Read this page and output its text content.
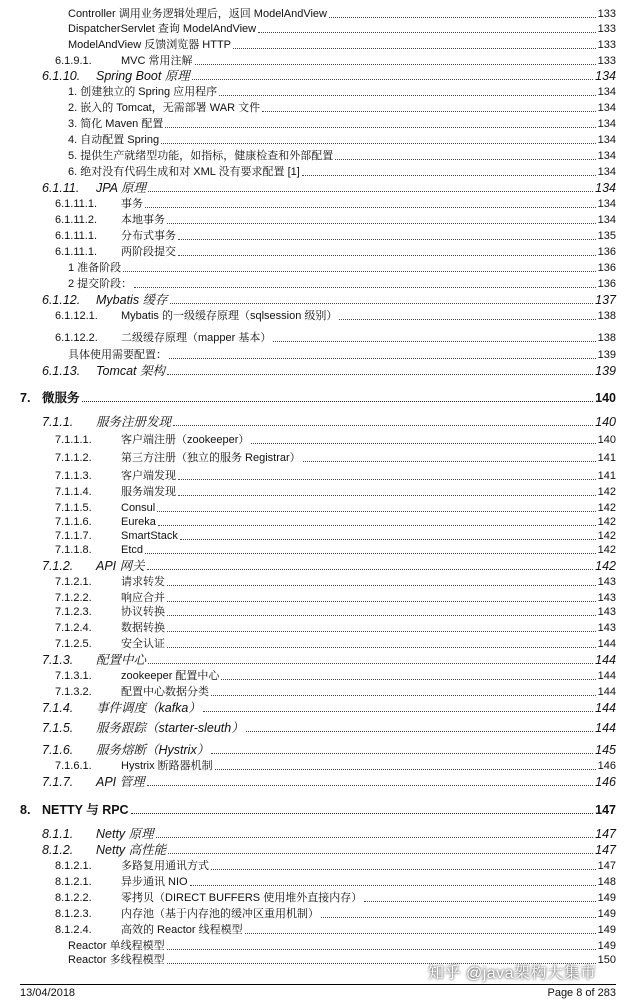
Controller 调用业务逻辑处理后，返回 ModelAndView	133
DispatcherServlet 查询 ModelAndView	133
ModelAndView 反馈浏览器 HTTP	133
6.1.9.1.	MVC 常用注解	133
6.1.10.	Spring Boot 原理	134
1. 创建独立的 Spring 应用程序	134
2. 嵌入的 Tomcat，无需部署 WAR 文件	134
3. 简化 Maven 配置	134
4. 自动配置 Spring	134
5. 提供生产就绪型功能，如指标，健康检查和外部配置	134
6. 绝对没有代码生成和对 XML 没有要求配置 [1]	134
6.1.11.	JPA 原理	134
6.1.11.1.	事务	134
6.1.11.2.	本地事务	134
6.1.11.1.	分布式事务	135
6.1.11.1.	两阶段提交	136
1 准备阶段	136
2 提交阶段：	136
6.1.12.	Mybatis 缓存	137
6.1.12.1.	Mybatis 的一级缓存原理（sqlsession 级别）	138
6.1.12.2.	二级缓存原理（mapper 基本）	138
具体使用需要配置：	139
6.1.13.	Tomcat 架构	139
7. 微服务	140
7.1.1.	服务注册发现	140
7.1.1.1.	客户端注册（zookeeper）	140
7.1.1.2.	第三方注册（独立的服务 Registrar）	141
7.1.1.3.	客户端发现	141
7.1.1.4.	服务端发现	142
7.1.1.5.	Consul	142
7.1.1.6.	Eureka	142
7.1.1.7.	SmartStack	142
7.1.1.8.	Etcd	142
7.1.2.	API 网关	142
7.1.2.1.	请求转发	143
7.1.2.2.	响应合并	143
7.1.2.3.	协议转换	143
7.1.2.4.	数据转换	143
7.1.2.5.	安全认证	144
7.1.3.	配置中心	144
7.1.3.1.	zookeeper 配置中心	144
7.1.3.2.	配置中心数据分类	144
7.1.4.	事件调度（kafka）	144
7.1.5.	服务跟踪（starter-sleuth）	144
7.1.6.	服务熔断（Hystrix）	145
7.1.6.1.	Hystrix 断路器机制	146
7.1.7.	API 管理	146
8. NETTY 与 RPC	147
8.1.1.	Netty 原理	147
8.1.2.	Netty 高性能	147
8.1.2.1.	多路复用通讯方式	147
8.1.2.1.	异步通讯 NIO	148
8.1.2.2.	零拷贝（DIRECT BUFFERS 使用堆外直接内存）	149
8.1.2.3.	内存池（基于内存池的缓冲区重用机制）	149
8.1.2.4.	高效的 Reactor 线程模型	149
Reactor 单线程模型	149
Reactor 多线程模型	150
13/04/2018	Page 8 of 283
知乎 @java架构大集市
